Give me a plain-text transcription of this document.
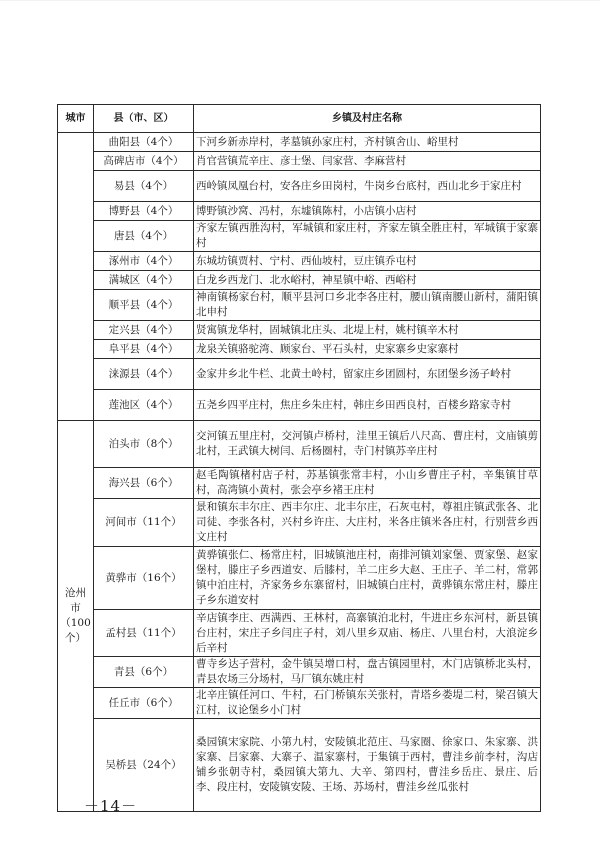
城市	县（市、区）	乡镇及村庄名称
	曲阳县（4个）	下河乡新赤岸村，孝墓镇孙家庄村，齐村镇舍山、峪里村
	高碑店市（4个）	肖官营镇荒辛庄、彦士堡、闫家营、李麻营村
	易县（4个）	西岭镇凤凰台村，安各庄乡田岗村，牛岗乡台底村，西山北乡于家庄村
	博野县（4个）	博野镇沙窝、冯村，东墟镇陈村，小店镇小店村
	唐县（4个）	齐家左镇西胜沟村，军城镇和家庄村，齐家左镇全胜庄村，军城镇于家寨村
	涿州市（4个）	东城坊镇贾村、宁村、西仙坡村，豆庄镇乔屯村
	满城区（4个）	白龙乡西龙门、北水峪村，神星镇中峪、西峪村
	顺平县（4个）	神南镇杨家台村，顺平县河口乡北李各庄村，腰山镇南腰山新村，蒲阳镇北申村
	定兴县（4个）	贤寓镇龙华村，固城镇北庄头、北堤上村，姚村镇辛木村
	阜平县（4个）	龙泉关镇骆驼湾、顾家台、平石头村，史家寨乡史家寨村
	涞源县（4个）	金家井乡北牛栏、北黄土岭村，留家庄乡团圆村，东团堡乡汤子岭村
	莲池区（4个）	五尧乡四平庄村，焦庄乡朱庄村，韩庄乡田西良村，百楼乡路家寺村
沧州市（100个）	泊头市（8个）	交河镇五里庄村，交河镇卢桥村，洼里王镇后八尺高、曹庄村，文庙镇剪北村，王武镇大树闫、后杨圈村，寺门村镇苏辛庄村
	海兴县（6个）	赵毛陶镇楮村店子村，苏基镇张常丰村，小山乡曹庄子村，辛集镇甘草村，高湾镇小黄村，张会亭乡褚王庄村
	河间市（11个）	景和镇东丰尔庄、西丰尔庄、北丰尔庄，石灰屯村，尊祖庄镇武张各、北司徒、李张各村，兴村乡许庄、大庄村，米各庄镇米各庄村，行别营乡西文庄村
	黄骅市（16个）	黄骅镇张仁、杨常庄村，旧城镇池庄村，南排河镇刘家堡、贾家堡、赵家堡村，滕庄子乡西道安、后膝村，羊二庄乡大赵、王庄子、羊二村，常郭镇中泊庄村，齐家务乡东寨留村，旧城镇白庄村，黄骅镇东常庄村，滕庄子乡东道安村
	孟村县（11个）	辛店镇李庄、西满西、王林村，高寨镇泊北村，牛进庄乡东河村，新县镇台庄村，宋庄子乡闫庄子村，刘八里乡双庙、杨庄、八里台村，大浪淀乡后辛村
	青县（6个）	曹寺乡达子营村，金牛镇吴增口村，盘古镇园里村，木门店镇桥北头村，青县农场三分场村，马厂镇东姚庄村
	任丘市（6个）	北辛庄镇任河口、牛村，石门桥镇东关张村，青塔乡娄堤二村，梁召镇大江村，议论堡乡小门村
	吴桥县（24个）	桑园镇宋家院、小第九村，安陵镇北范庄、马家圈、徐家口、朱家寨、洪家寨、吕家寨、大寨子、温家寨村，于集镇于西村，曹洼乡前李村，沟店铺乡张朝寺村，桑园镇大第九、大辛、第四村，曹洼乡岳庄、景庄、后李、段庄村，安陵镇安陵、王场、苏场村，曹洼乡丝瓜张村
－14－
